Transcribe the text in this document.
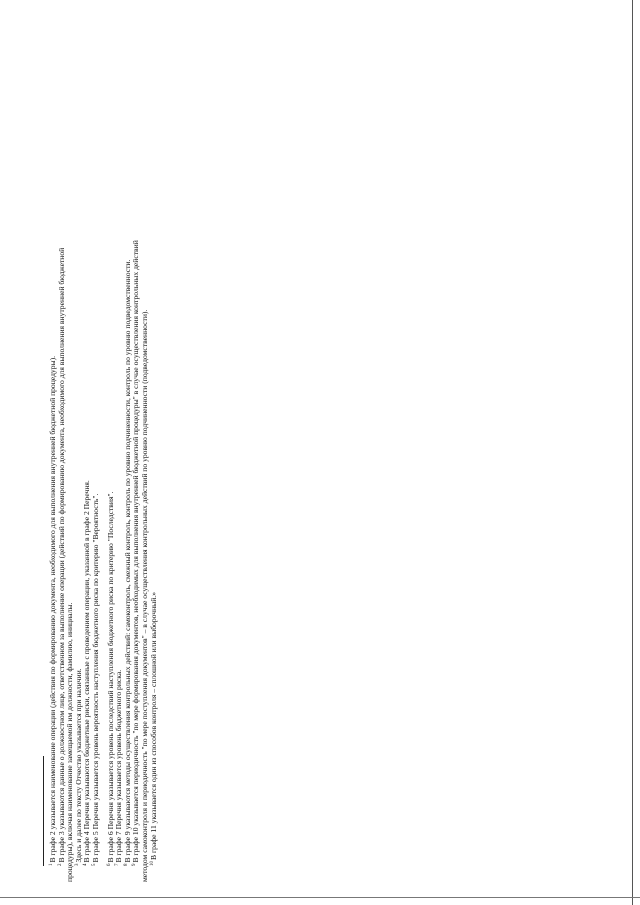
$^1$В графе 2 указывается наименование операции (действия по формированию документа, необходимого для выполнения внутренней бюджетной процедуры).
$^2$В графе 3 указываются данные о должностном лице, ответственном за выполнение операции (действий по формированию документа, необходимого для выполнения внутренней бюджетной процедуры), включая наименование замещаемой им должности, фамилию, инициалы. $^3$Здесь и далее по тексту Отчество указывается при наличии.
$^4$В графе 4 Перечня указываются бюджетные риски, связанные с проведением операции, указанной в графе 2 Перечня.
$^5$В графе 5 Перечня указывается уровень вероятность наступления бюджетного риска по критерию "Вероятность".
$^6$В графе 6 Перечня указывается уровень последствий наступления бюджетного риска по критерию "Последствия".
$^7$В графе 7 Перечня указывается уровень бюджетного риска.
$^8$В графе 9 указываются методы осуществления контрольных действий: самоконтроль, смежный контроль, контроль по уровню подчиненности, контроль по уровню подведомственности.
$^9$В графе 10 указывается периодичность "по мере формирования документов, необходимых для выполнения внутренней бюджетной процедуры" в случае осуществления контрольных действий методом самоконтроля и периодичность "по мере поступления документов" – в случае осуществления контрольных действий по уровню подчиненности (подведомственности). $^{10}$В графе 11 указывается один из способов контроля – сплошной или выборочный.»
